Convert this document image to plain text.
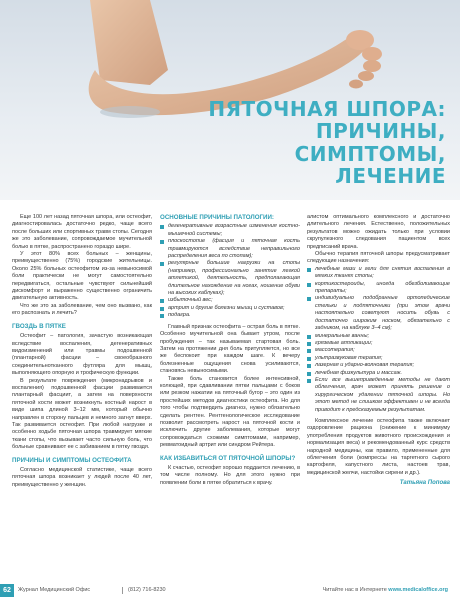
ПЯТОЧНАЯ ШПОРА:
ПРИЧИНЫ,
СИМПТОМЫ, ЛЕЧЕНИЕ

Еще 100 лет назад пяточная шпора, или остеофит, диагностировалась достаточно редко, чаще всего после больших или спортивных травм стопы. Сегодня же это заболевание, сопровождаемое мучительной болью в пятке, распространено гораздо шире.

У этот 80% всех больных – женщины, преимущественно (75%) городские жительницы. Около 25% больных остеофитом из-за невыносимой боли практически не могут самостоятельно передвигаться, остальные чувствуют сильнейший дискомфорт и выраженно существенно ограничить двигательную активность.

Что же это за заболевание, чем оно вызвано, как его распознать и лечить?

ГВОЗДЬ В ПЯТКЕ

Остеофит – патология, зачастую возникающая вследствие воспаления, дегенеративных видоизменений или травмы подошвенной (плантарной) фасции – своеобразного соединительнотканного футляра для мышц, выполняющего опорную и трофическую функции.

В результате повреждения (микронадрывов и воспаления) подошвенной фасции развивается плантарный фасциит, а затем на поверхности пяточной кости может возникнуть костный нарост в виде шипа длиной 3–12 мм, который обычно направлен в сторону пальцев и немного загнут вверх. Так развивается остеофит. При любой нагрузке и особенно ходьбе пяточная шпора травмирует мягкие ткани стопы, что вызывает часто сильную боль, что больные сравнивают ее с забиванием в пятку гвоздя.

ПРИЧИНЫ И СИМПТОМЫ ОСТЕОФИТА

Согласно медицинской статистике, чаще всего пяточная шпора возникает у людей после 40 лет, преимущественно у женщин.

ОСНОВНЫЕ ПРИЧИНЫ ПАТОЛОГИИ:
дегенеративные возрастные изменения костно-мышечной системы;
плоскостопие (фасция и пяточная кость травмируются вследствие неправильного распределения веса по стопам);
регулярные большие нагрузки на стопы (например, профессионально занятие легкой атлетикой, деятельность, предполагающая длительное нахождение на ногах, ношение обуви на высоких каблуках);
избыточный вес;
артрит и другие болезни мышц и суставов;
подагра.

Главный признак остеофита – острая боль в пятке. Особенно мучительной она бывает утром, после пробуждения – так называемая стартовая боль. Затем на протяжении дня боль притупляется, но все же беспокоит при каждом шаге. К вечеру болезненные ощущения снова усиливаются, становясь невыносимыми.

Также боль становится более интенсивной, колющей, при сдавливании пятки пальцами с боков или резком нажатии на пяточный бугор – это один из простейших методов диагностики остеофита. Но для того чтобы подтвердить диагноз, нужно обязательно сделать рентген. Рентгенологическое исследование позволит рассмотреть нарост на пяточной кости и исключить другие заболевания, которые могут сопровождаться схожими симптомами, например, ревматоидный артрит или синдром Рейтера.

КАК ИЗБАВИТЬСЯ ОТ ПЯТОЧНОЙ ШПОРЫ?

К счастью, остеофит хорошо поддается лечению, в том числе полному. Но для этого нужно при появлении боли в пятке обратиться к врачу.

алистом оптимального комплексного и достаточно длительного лечения. Естественно, положительных результатов можно ожидать только при условии скрупулезного следования пациентом всех предписаний врача.

Обычно терапия пяточной шпоры предусматривает следующие назначения:

лечебные мази и гели для снятия воспаления в мягких тканях стопы;
кортикостероиды, иногда обезболивающие препараты;
индивидуально подобранные ортопедические стельки и подпяточники (при этом врачи настоятельно советуют носить обувь с достаточно широким носком, обязательно с задником, на каблуке 3–4 см);
минеральные ванны;
грязевые аппликации;
массотерапия;
ультразвуковая терапия;
лазерная и ударно-волновая терапия;
лечебная физкультура и массаж.
Если все вышеприведенные методы не дают облегчения, врач может принять решение о хирургическом удалении пяточной шпоры. Но этот метод не слишком эффективен и не всегда приводит к предсказуемым результатам.

Комплексное лечение остеофита также включает оздоровление рациона (снижение к минимуму употребления продуктов животного происхождения и нормализация веса) и рекомендованный курс средств народной медицины, как правило, примененные для облегчения боли (компрессы на таргетного сырого картофеля, капустного листа, настоев трав, медицинской желчи, настойки сирени и др.).

Татьяна Попова
62	Журнал Медицинский Офис	(812) 716-8230	Читайте нас в Интернете www.medicaloffice.org
